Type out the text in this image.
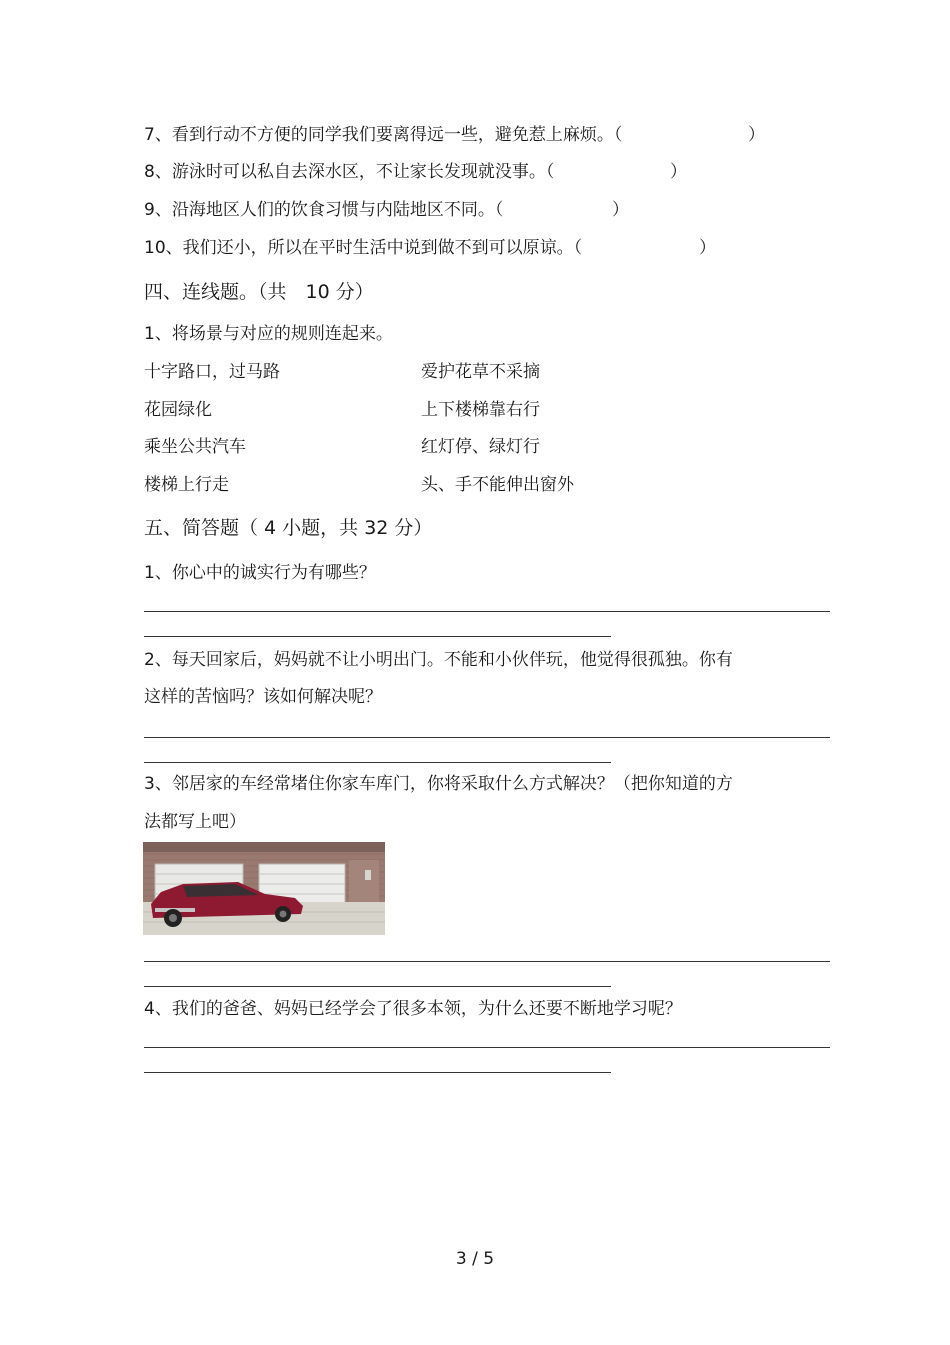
7、看到行动不方便的同学我们要离得远一些，避免惹上麻烦。（	）
8、游泳时可以私自去深水区，不让家长发现就没事。（	）
9、沿海地区人们的饮食习惯与内陆地区不同。（	）
10、我们还小，所以在平时生活中说到做不到可以原谅。（	）
四、连线题。（共　10 分）
1、将场景与对应的规则连起来。
十字路口，过马路	爱护花草不采摘
花园绿化	上下楼梯靠右行
乘坐公共汽车	红灯停、绿灯行
楼梯上行走	头、手不能伸出窗外
五、简答题（ 4 小题，共 32 分）
1、你心中的诚实行为有哪些？
2、每天回家后，妈妈就不让小明出门。不能和小伙伴玩，他觉得很孤独。你有
这样的苦恼吗？该如何解决呢？
3、邻居家的车经常堵住你家车库门，你将采取什么方式解决？（把你知道的方
法都写上吧）
4、我们的爸爸、妈妈已经学会了很多本领，为什么还要不断地学习呢？
3 / 5
